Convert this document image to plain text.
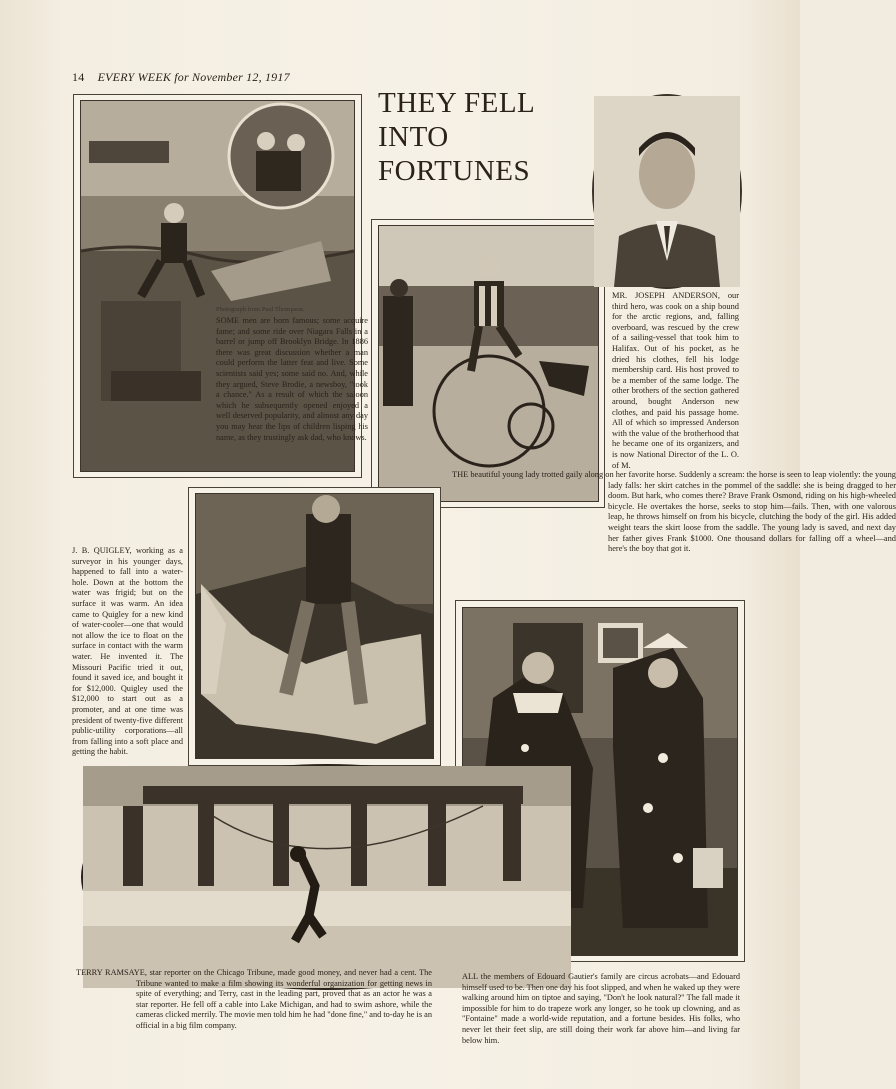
14 EVERY WEEK for November 12, 1917
THEY FELL
INTO
FORTUNES
Photograph from Paul Thompson.
SOME men are born famous; some acquire fame; and some ride over Niagara Falls in a barrel or jump off Brooklyn Bridge. In 1886 there was great discussion whether a man could perform the latter feat and live. Some scientists said yes; some said no. And, while they argued, Steve Brodie, a newsboy, "took a chance." As a result of which the saloon which he subsequently opened enjoyed a well deserved popularity, and almost any day you may hear the lips of children lisping his name, as they trustingly ask dad, who knows.
MR. JOSEPH ANDERSON, our third hero, was cook on a ship bound for the arctic regions, and, falling overboard, was rescued by the crew of a sailing-vessel that took him to Halifax. Out of his pocket, as he dried his clothes, fell his lodge membership card. His host proved to be a member of the same lodge. The other brothers of the section gathered around, bought Anderson new clothes, and paid his passage home. All of which so impressed Anderson with the value of the brotherhood that he became one of its organizers, and is now National Director of the L. O. of M.
THE beautiful young lady trotted gaily along on her favorite horse. Suddenly a scream: the horse is seen to leap violently: the young lady falls: her skirt catches in the pommel of the saddle: she is being dragged to her doom. But hark, who comes there? Brave Frank Osmond, riding on his high-wheeled bicycle. He overtakes the horse, seeks to stop him—fails. Then, with one valorous leap, he throws himself on from his bicycle, clutching the body of the girl. His added weight tears the skirt loose from the saddle. The young lady is saved, and next day her father gives Frank $1000. One thousand dollars for falling off a wheel—and here's the boy that got it.
J. B. QUIGLEY, working as a surveyor in his younger days, happened to fall into a water-hole. Down at the bottom the water was frigid; but on the surface it was warm. An idea came to Quigley for a new kind of water-cooler—one that would not allow the ice to float on the surface in contact with the warm water. He invented it. The Missouri Pacific tried it out, found it saved ice, and bought it for $12,000. Quigley used the $12,000 to start out as a promoter, and at one time was president of twenty-five different public-utility corporations—all from falling into a soft place and getting the habit.
TERRY RAMSAYE, star reporter on the Chicago Tribune, made good money, and never had a cent. The Tribune wanted to make a film showing its wonderful organization for getting news in spite of everything; and Terry, cast in the leading part, proved that as an actor he was a star reporter. He fell off a cable into Lake Michigan, and had to swim ashore, while the cameras clicked merrily. The movie men told him he had "done fine," and to-day he is an official in a big film company.
ALL the members of Edouard Gautier's family are circus acrobats—and Edouard himself used to be. Then one day his foot slipped, and when he waked up they were walking around him on tiptoe and saying, "Don't he look natural?" The fall made it impossible for him to do trapeze work any longer, so he took up clowning, and as "Fontaine" made a world-wide reputation, and a fortune besides. His folks, who never let their feet slip, are still doing their work far above him—and living far below him.
